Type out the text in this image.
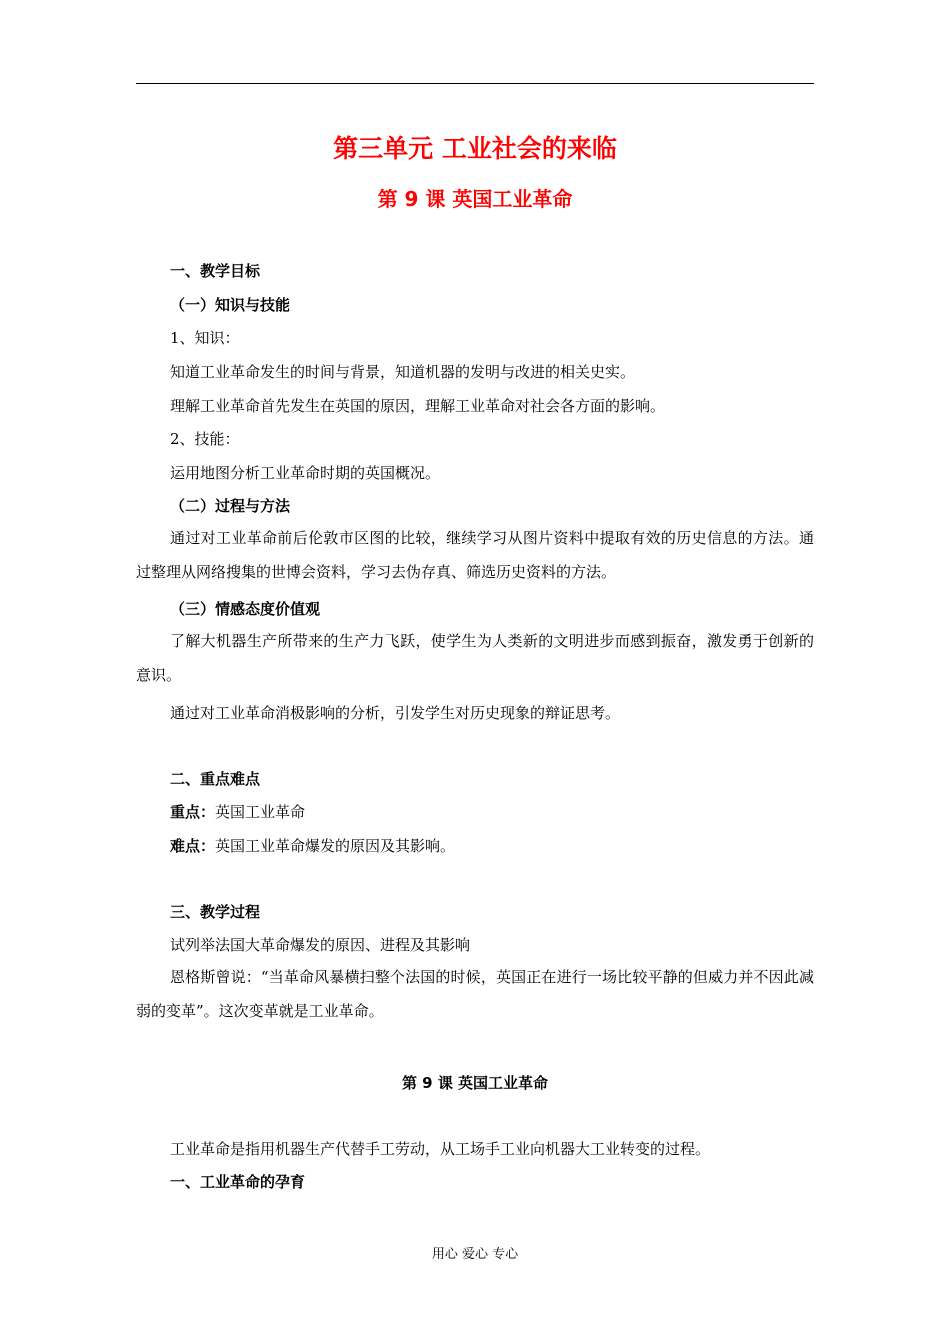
第三单元 工业社会的来临
第 9 课 英国工业革命
一、教学目标
（一）知识与技能
1、知识：
知道工业革命发生的时间与背景，知道机器的发明与改进的相关史实。
理解工业革命首先发生在英国的原因，理解工业革命对社会各方面的影响。
2、技能：
运用地图分析工业革命时期的英国概况。
（二）过程与方法
通过对工业革命前后伦敦市区图的比较，继续学习从图片资料中提取有效的历史信息的方法。通过整理从网络搜集的世博会资料，学习去伪存真、筛选历史资料的方法。
（三）情感态度价值观
了解大机器生产所带来的生产力飞跃，使学生为人类新的文明进步而感到振奋，激发勇于创新的意识。
通过对工业革命消极影响的分析，引发学生对历史现象的辩证思考。
二、重点难点
重点：英国工业革命
难点：英国工业革命爆发的原因及其影响。
三、教学过程
试列举法国大革命爆发的原因、进程及其影响
恩格斯曾说：“当革命风暴横扫整个法国的时候，英国正在进行一场比较平静的但威力并不因此减弱的变革”。这次变革就是工业革命。
第 9 课 英国工业革命
工业革命是指用机器生产代替手工劳动，从工场手工业向机器大工业转变的过程。
一、工业革命的孕育
用心 爱心 专心
